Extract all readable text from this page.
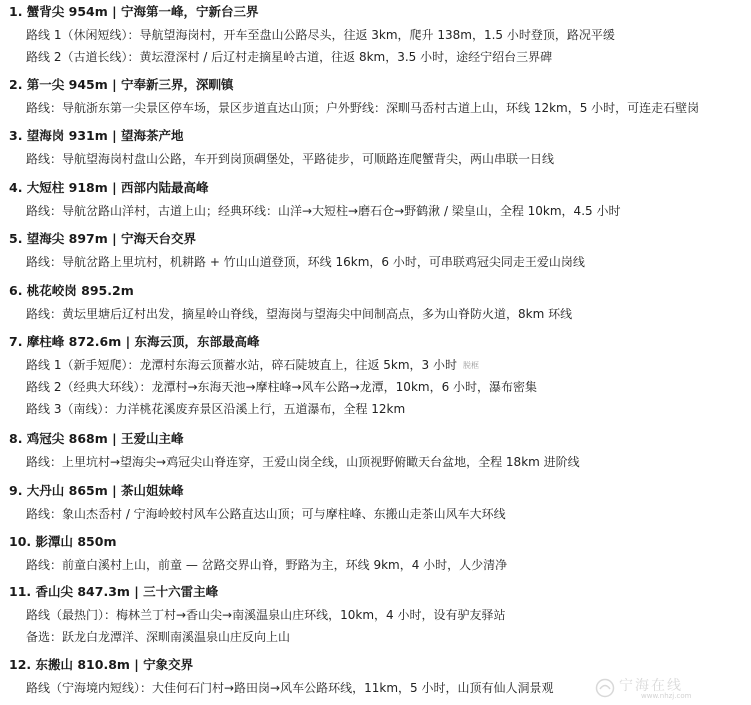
1. 蟹背尖 954m | 宁海第一峰，宁新台三界
路线 1（休闲短线）：导航望海岗村，开车至盘山公路尽头，往返 3km，爬升 138m，1.5 小时登顶，路况平缓
路线 2（古道长线）：黄坛澄深村 / 后辽村走摘星岭古道，往返 8km，3.5 小时，途经宁绍台三界碑
2. 第一尖 945m | 宁奉新三界，深甽镇
路线：导航浙东第一尖景区停车场，景区步道直达山顶；户外野线：深甽马岙村古道上山，环线 12km，5 小时，可连走石壁岗
3. 望海岗 931m | 望海茶产地
路线：导航望海岗村盘山公路，车开到岗顶碉堡处，平路徒步，可顺路连爬蟹背尖，两山串联一日线
4. 大短柱 918m | 西部内陆最高峰
路线：导航岔路山洋村，古道上山；经典环线：山洋→大短柱→磨石仓→野鹤湫 / 梁皇山，全程 10km，4.5 小时
5. 望海尖 897m | 宁海天台交界
路线：导航岔路上里坑村，机耕路 + 竹山山道登顶，环线 16km，6 小时，可串联鸡冠尖同走王爱山岗线
6. 桃花峧岗 895.2m
路线：黄坛里塘后辽村出发，摘星岭山脊线，望海岗与望海尖中间制高点，多为山脊防火道，8km 环线
7. 摩柱峰 872.6m | 东海云顶，东部最高峰
路线 1（新手短爬）：龙潭村东海云顶蓄水站，碎石陡坡直上，往返 5km，3 小时 脱框
路线 2（经典大环线）：龙潭村→东海天池→摩柱峰→风车公路→龙潭，10km，6 小时，瀑布密集
路线 3（南线）：力洋桃花溪废弃景区沿溪上行，五道瀑布，全程 12km
8. 鸡冠尖 868m | 王爱山主峰
路线：上里坑村→望海尖→鸡冠尖山脊连穿，王爱山岗全线，山顶视野俯瞰天台盆地，全程 18km 进阶线
9. 大丹山 865m | 茶山姐妹峰
路线：象山杰岙村 / 宁海岭蛟村风车公路直达山顶；可与摩柱峰、东搬山走茶山风车大环线
10. 影潭山 850m
路线：前童白溪村上山，前童 — 岔路交界山脊，野路为主，环线 9km，4 小时，人少清净
11. 香山尖 847.3m | 三十六雷主峰
路线（最热门）：梅林兰丁村→香山尖→南溪温泉山庄环线，10km，4 小时，设有驴友驿站
备选：跃龙白龙潭洋、深甽南溪温泉山庄反向上山
12. 东搬山 810.8m | 宁象交界
路线（宁海境内短线）：大佳何石门村→路田岗→风车公路环线，11km，5 小时，山顶有仙人洞景观	宁海在线
www.nhzj.com
